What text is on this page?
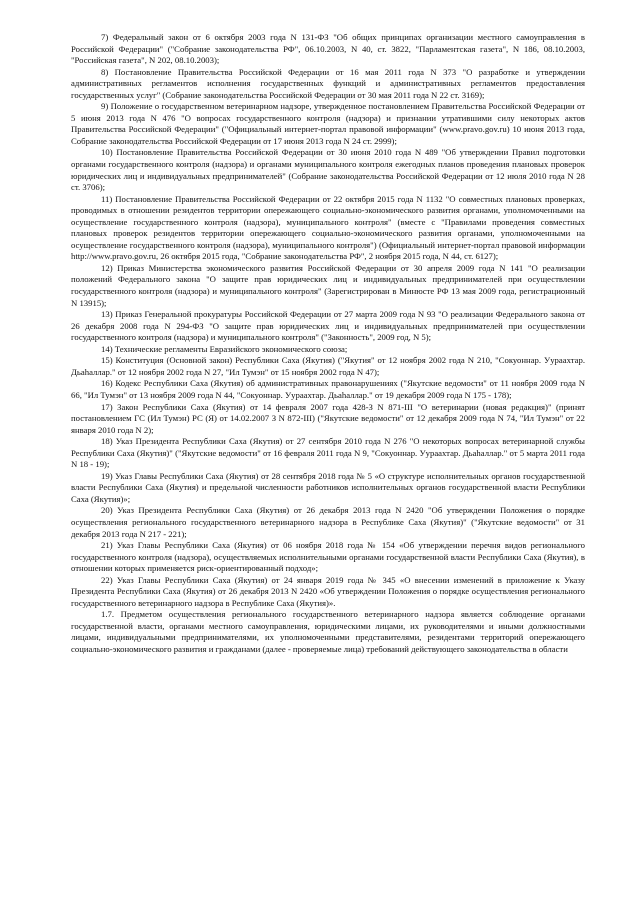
7) Федеральный закон от 6 октября 2003 года N 131-ФЗ "Об общих принципах организации местного самоуправления в Российской Федерации" ("Собрание законодательства РФ", 06.10.2003, N 40, ст. 3822, "Парламентская газета", N 186, 08.10.2003, "Российская газета", N 202, 08.10.2003);

8) Постановление Правительства Российской Федерации от 16 мая 2011 года N 373 "О разработке и утверждении административных регламентов исполнения государственных функций и административных регламентов предоставления государственных услуг" (Собрание законодательства Российской Федерации от 30 мая 2011 года N 22 ст. 3169);

9) Положение о государственном ветеринарном надзоре, утвержденное постановлением Правительства Российской Федерации от 5 июня 2013 года N 476 "О вопросах государственного контроля (надзора) и признании утратившими силу некоторых актов Правительства Российской Федерации" ("Официальный интернет-портал правовой информации" (www.pravo.gov.ru) 10 июня 2013 года, Собрание законодательства Российской Федерации от 17 июня 2013 года N 24 ст. 2999);

10) Постановление Правительства Российской Федерации от 30 июня 2010 года N 489 "Об утверждении Правил подготовки органами государственного контроля (надзора) и органами муниципального контроля ежегодных планов проведения плановых проверок юридических лиц и индивидуальных предпринимателей" (Собрание законодательства Российской Федерации от 12 июля 2010 года N 28 ст. 3706);

11) Постановление Правительства Российской Федерации от 22 октября 2015 года N 1132 "О совместных плановых проверках, проводимых в отношении резидентов территории опережающего социально-экономического развития органами, уполномоченными на осуществление государственного контроля (надзора), муниципального контроля" (вместе с "Правилами проведения совместных плановых проверок резидентов территории опережающего социально-экономического развития органами, уполномоченными на осуществление государственного контроля (надзора), муниципального контроля") (Официальный интернет-портал правовой информации http://www.pravo.gov.ru, 26 октября 2015 года, "Собрание законодательства РФ", 2 ноября 2015 года, N 44, ст. 6127);

12) Приказ Министерства экономического развития Российской Федерации от 30 апреля 2009 года N 141 "О реализации положений Федерального закона "О защите прав юридических лиц и индивидуальных предпринимателей при осуществлении государственного контроля (надзора) и муниципального контроля" (Зарегистрирован в Минюсте РФ 13 мая 2009 года, регистрационный N 13915);

13) Приказ Генеральной прокуратуры Российской Федерации от 27 марта 2009 года N 93 "О реализации Федерального закона от 26 декабря 2008 года N 294-ФЗ "О защите прав юридических лиц и индивидуальных предпринимателей при осуществлении государственного контроля (надзора) и муниципального контроля" ("Законность", 2009 год, N 5);

14) Технические регламенты Евразийского экономического союза;

15) Конституция (Основной закон) Республики Саха (Якутия) ("Якутия" от 12 ноября 2002 года N 210, "Сокуоннар. Уураахтар. Дьаһаллар." от 12 ноября 2002 года N 27, "Ил Тумэн" от 15 ноября 2002 года N 47);

16) Кодекс Республики Саха (Якутия) об административных правонарушениях ("Якутские ведомости" от 11 ноября 2009 года N 66, "Ил Тумэн" от 13 ноября 2009 года N 44, "Сокуоннар. Уураахтар. Дьаһаллар." от 19 декабря 2009 года N 175 - 178);

17) Закон Республики Саха (Якутия) от 14 февраля 2007 года 428-З N 871-III "О ветеринарии (новая редакция)" (принят постановлением ГС (Ил Тумэн) РС (Я) от 14.02.2007 З N 872-III) ("Якутские ведомости" от 12 декабря 2009 года N 74, "Ил Тумэн" от 22 января 2010 года N 2);

18) Указ Президента Республики Саха (Якутия) от 27 сентября 2010 года N 276 "О некоторых вопросах ветеринарной службы Республики Саха (Якутия)" ("Якутские ведомости" от 16 февраля 2011 года N 9, "Сокуоннар. Уураахтар. Дьаһаллар." от 5 марта 2011 года N 18 - 19);

19) Указ Главы Республики Саха (Якутия) от 28 сентября 2018 года № 5 «О структуре исполнительных органов государственной власти Республики Саха (Якутия) и предельной численности работников исполнительных органов государственной власти Республики Саха (Якутия)»;

20) Указ Президента Республики Саха (Якутия) от 26 декабря 2013 года N 2420 "Об утверждении Положения о порядке осуществления регионального государственного ветеринарного надзора в Республике Саха (Якутия)" ("Якутские ведомости" от 31 декабря 2013 года N 217 - 221);

21) Указ Главы Республики Саха (Якутия) от 06 ноября 2018 года № 154 «Об утверждении перечня видов регионального государственного контроля (надзора), осуществляемых исполнительными органами государственной власти Республики Саха (Якутия), в отношении которых применяется риск-ориентированный подход»;

22) Указ Главы Республики Саха (Якутия) от 24 января 2019 года № 345 «О внесении изменений в приложение к Указу Президента Республики Саха (Якутия) от 26 декабря 2013 N 2420 «Об утверждении Положения о порядке осуществления регионального государственного ветеринарного надзора в Республике Саха (Якутия)».

1.7. Предметом осуществления регионального государственного ветеринарного надзора является соблюдение органами государственной власти, органами местного самоуправления, юридическими лицами, их руководителями и иными должностными лицами, индивидуальными предпринимателями, их уполномоченными представителями, резидентами территорий опережающего социально-экономического развития и гражданами (далее - проверяемые лица) требований действующего законодательства в области
